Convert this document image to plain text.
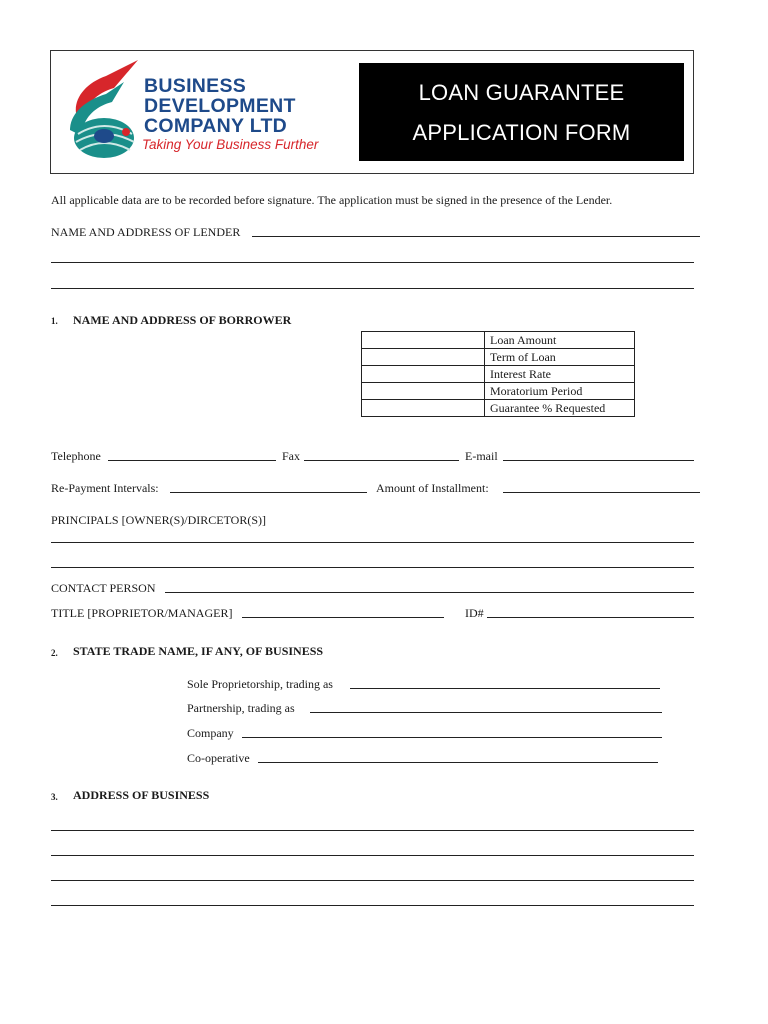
BUSINESS
DEVELOPMENT
COMPANY LTD
Taking Your Business Further
LOAN GUARANTEE
APPLICATION FORM
All applicable data are to be recorded before signature. The application must be signed in the presence of the Lender.
NAME AND ADDRESS OF LENDER
1. NAME AND ADDRESS OF BORROWER
	Loan Amount
	Term of Loan
	Interest Rate
	Moratorium Period
	Guarantee % Requested
Telephone	Fax	E-mail
Re-Payment Intervals:	Amount of Installment:
PRINCIPALS [OWNER(S)/DIRCETOR(S)]
CONTACT PERSON
TITLE [PROPRIETOR/MANAGER]	ID#
2. STATE TRADE NAME, IF ANY, OF BUSINESS
Sole Proprietorship, trading as
Partnership, trading as
Company
Co-operative
3. ADDRESS OF BUSINESS
